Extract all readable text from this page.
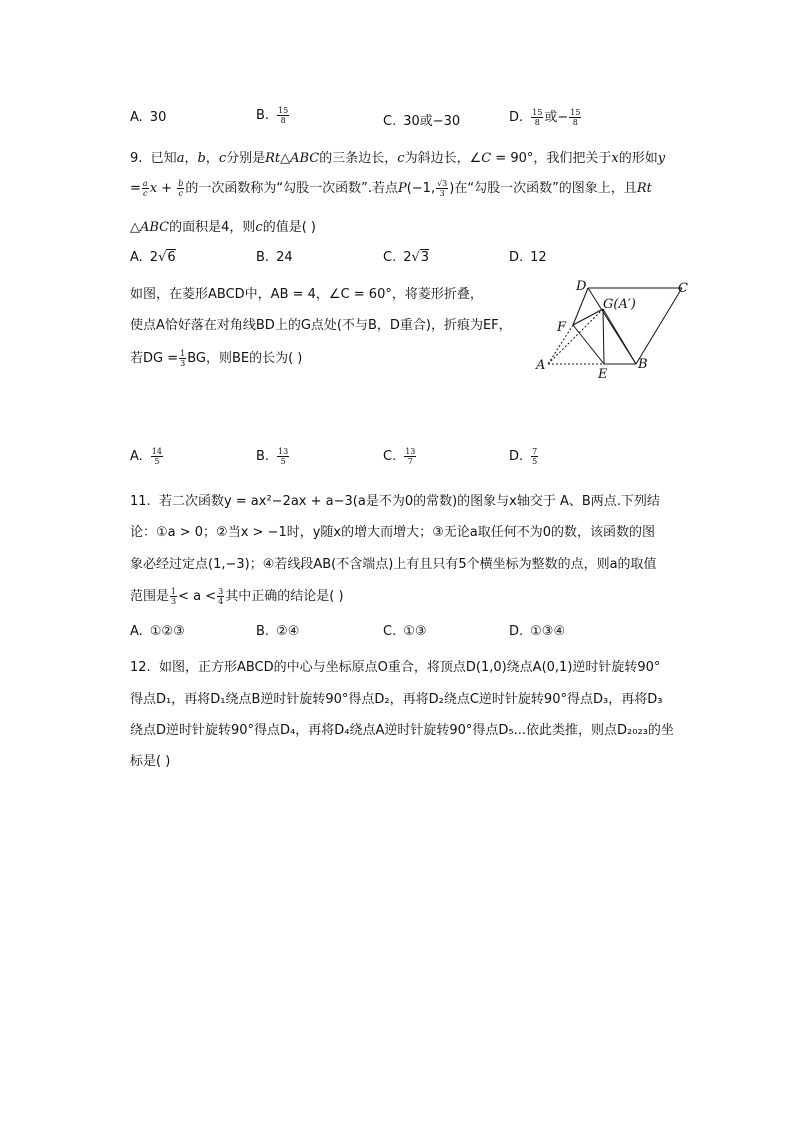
A. 30	B. $\frac{15}{8}$	C. 30或−30	D. $\frac{15}{8}$ 或− $\frac{15}{8}$
9. 已知a，b，c分别是Rt△ABC的三条边长，c为斜边长，∠C = 90°，我们把关于x的形如y
= $\frac{a}{c}$ $x + \frac{b}{c}$ 的一次函数称为“勾股一次函数”.若点P(−1, $\frac{√3}{3}$ )在“勾股一次函数”的图象上，且Rt
△ABC的面积是4，则c的值是( )
A. 2√6	B. 24	C. 2√3	D. 12
如图，在菱形ABCD中，AB = 4，∠C = 60°，将菱形折叠，
使点A恰好落在对角线BD上的G点处(不与B，D重合)，折痕为EF，
若DG = $\frac{1}{3}$ BG，则BE的长为( )
D	C
G(A′)
F
A
E
B
A. $\frac{14}{5}$	B. $\frac{13}{5}$	C. $\frac{13}{7}$	D. $\frac{7}{5}$
11. 若二次函数y = ax²−2ax + a−3(a是不为0的常数)的图象与x轴交于 A、B两点.下列结
论：①a > 0；②当x > −1时，y随x的增大而增大；③无论a取任何不为0的数，该函数的图
象必经过定点(1,−3)；④若线段AB(不含端点)上有且只有5个横坐标为整数的点，则a的取值
范围是 $\frac{1}{3} < a < \frac{3}{4}$ 其中正确的结论是( )
A. ①②③	B. ②④	C. ①③	D. ①③④
12. 如图，正方形ABCD的中心与坐标原点O重合，将顶点D(1,0)绕点A(0,1)逆时针旋转90°
得点D₁，再将D₁绕点B逆时针旋转90°得点D₂，再将D₂绕点C逆时针旋转90°得点D₃，再将D₃
绕点D逆时针旋转90°得点D₄，再将D₄绕点A逆时针旋转90°得点D₅...依此类推，则点D₂₀₂₃的坐
标是( )
